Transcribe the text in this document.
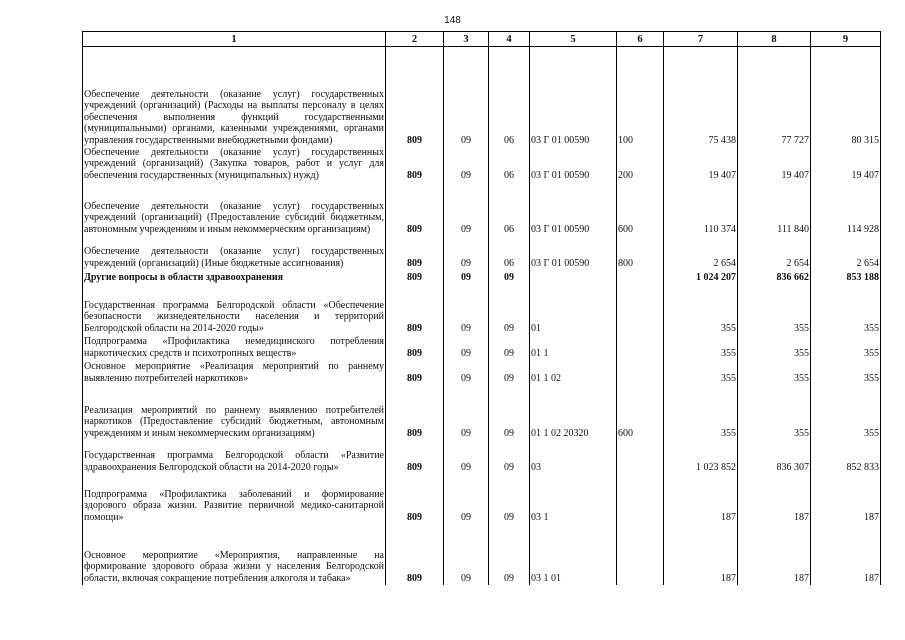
148
1	2	3	4	5	6	7	8	9
Обеспечение деятельности (оказание услуг) государственных учреждений (организаций) (Расходы на выплаты персоналу в целях обеспечения выполнения функций государственными (муниципальными) органами, казенными учреждениями, органами управления государственными внебюджетными фондами)	809	09	06	03 Г 01 00590	100	75 438	77 727	80 315
Обеспечение деятельности (оказание услуг) государственных учреждений (организаций) (Закупка товаров, работ и услуг для обеспечения государственных (муниципальных) нужд)	809	09	06	03 Г 01 00590	200	19 407	19 407	19 407
Обеспечение деятельности (оказание услуг) государственных учреждений (организаций) (Предоставление субсидий бюджетным, автономным учреждениям и иным некоммерческим организациям)	809	09	06	03 Г 01 00590	600	110 374	111 840	114 928
Обеспечение деятельности (оказание услуг) государственных учреждений (организаций) (Иные бюджетные ассигнования)	809	09	06	03 Г 01 00590	800	2 654	2 654	2 654
Другие вопросы в области здравоохранения	809	09	09			1 024 207	836 662	853 188
Государственная программа Белгородской области «Обеспечение безопасности жизнедеятельности населения и территорий Белгородской области на 2014-2020 годы»	809	09	09	01		355	355	355
Подпрограмма «Профилактика немедицинского потребления наркотических средств и психотропных веществ»	809	09	09	01 1		355	355	355
Основное мероприятие «Реализация мероприятий по раннему выявлению потребителей наркотиков»	809	09	09	01 1 02		355	355	355
Реализация мероприятий по раннему выявлению потребителей наркотиков (Предоставление субсидий бюджетным, автономным учреждениям и иным некоммерческим организациям)	809	09	09	01 1 02 20320	600	355	355	355
Государственная программа Белгородской области «Развитие здравоохранения Белгородской области на 2014-2020 годы»	809	09	09	03		1 023 852	836 307	852 833
Подпрограмма «Профилактика заболеваний и формирование здорового образа жизни. Развитие первичной медико-санитарной помощи»	809	09	09	03 1		187	187	187
Основное мероприятие «Мероприятия, направленные на формирование здорового образа жизни у населения Белгородской области, включая сокращение потребления алкоголя и табака»	809	09	09	03 1 01		187	187	187
